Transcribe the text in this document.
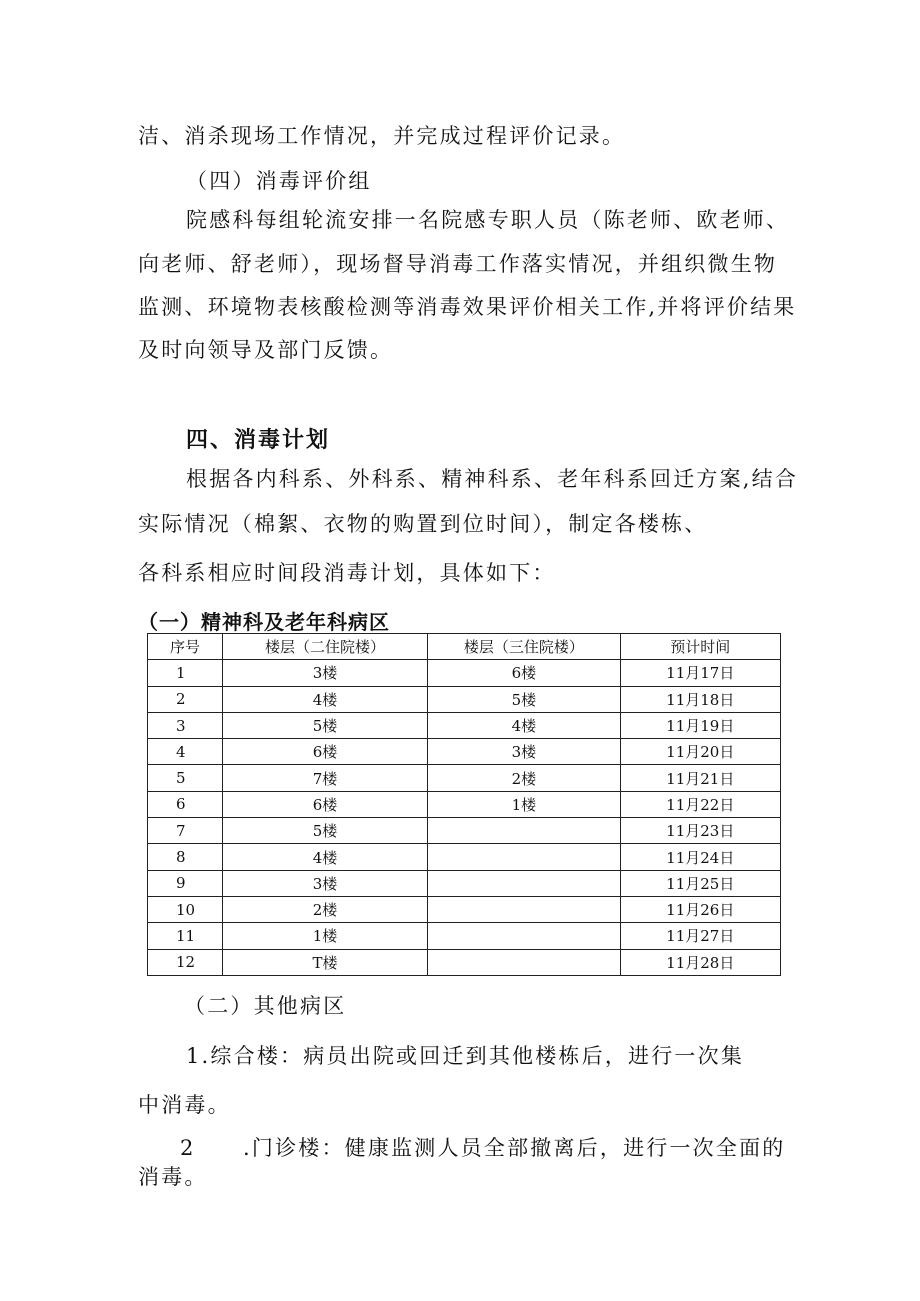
洁、消杀现场工作情况，并完成过程评价记录。
（四）消毒评价组
院感科每组轮流安排一名院感专职人员（陈老师、欧老师、
向老师、舒老师），现场督导消毒工作落实情况，并组织微生物
监测、环境物表核酸检测等消毒效果评价相关工作,并将评价结果
及时向领导及部门反馈。
四、消毒计划
根据各内科系、外科系、精神科系、老年科系回迁方案,结合
实际情况（棉絮、衣物的购置到位时间），制定各楼栋、
各科系相应时间段消毒计划，具体如下：
（一）精神科及老年科病区
序号	楼层（二住院楼）	楼层（三住院楼）	预计时间
1	3楼	6楼	11月17日
2	4楼	5楼	11月18日
3	5楼	4楼	11月19日
4	6楼	3楼	11月20日
5	7楼	2楼	11月21日
6	6楼	1楼	11月22日
7	5楼		11月23日
8	4楼		11月24日
9	3楼		11月25日
10	2楼		11月26日
11	1楼		11月27日
12	T楼		11月28日
（二）其他病区
1.综合楼：病员出院或回迁到其他楼栋后，进行一次集
中消毒。
2 .门诊楼：健康监测人员全部撤离后，进行一次全面的
消毒。
